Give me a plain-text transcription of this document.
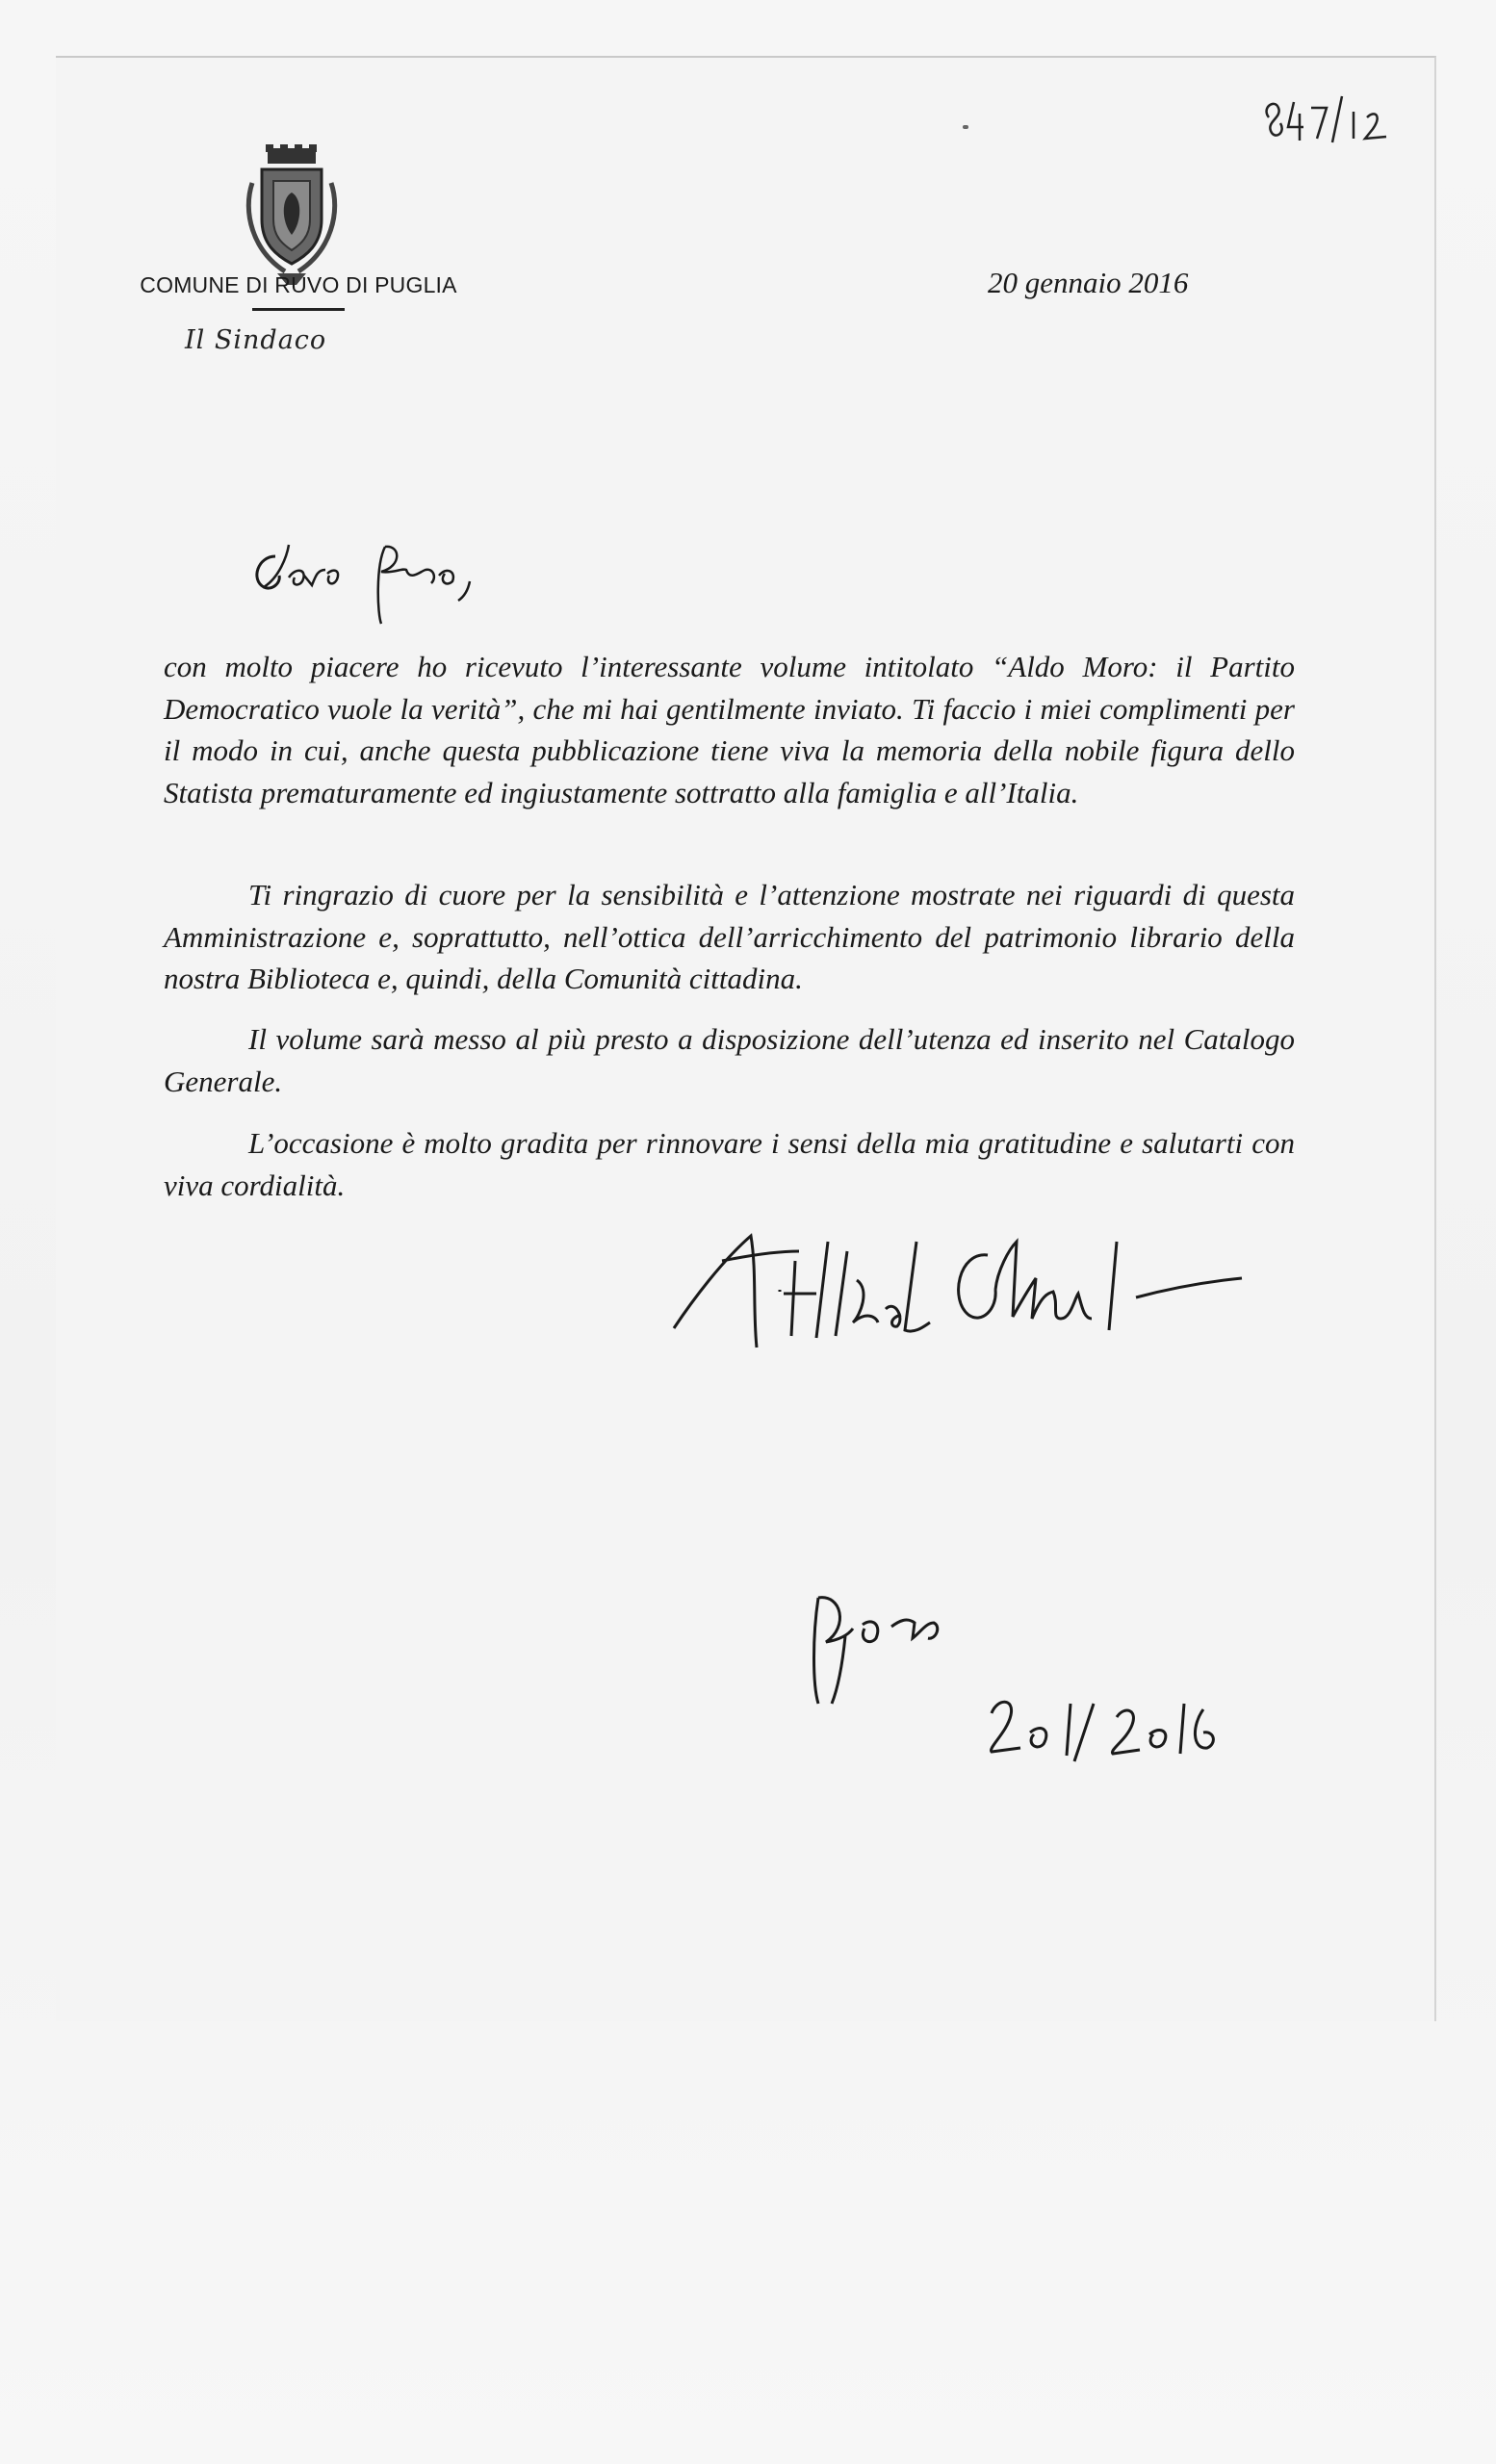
COMUNE DI RUVO DI PUGLIA
Il Sindaco
20 gennaio 2016
con molto piacere ho ricevuto l’interessante volume intitolato “Aldo Moro: il Partito Democratico vuole la verità”, che mi hai gentilmente inviato. Ti faccio i miei complimenti per il modo in cui, anche questa pubblicazione tiene viva la memoria della nobile figura dello Statista prematuramente ed ingiustamente sottratto alla famiglia e all’Italia.
Ti ringrazio di cuore per la sensibilità e l’attenzione mostrate nei riguardi di questa Amministrazione e, soprattutto, nell’ottica dell’arricchimento del patrimonio librario della nostra Biblioteca e, quindi, della Comunità cittadina.
Il volume sarà messo al più presto a disposizione dell’utenza ed inserito nel Catalogo Generale.
L’occasione è molto gradita per rinnovare i sensi della mia gratitudine e salutarti con viva cordialità.
